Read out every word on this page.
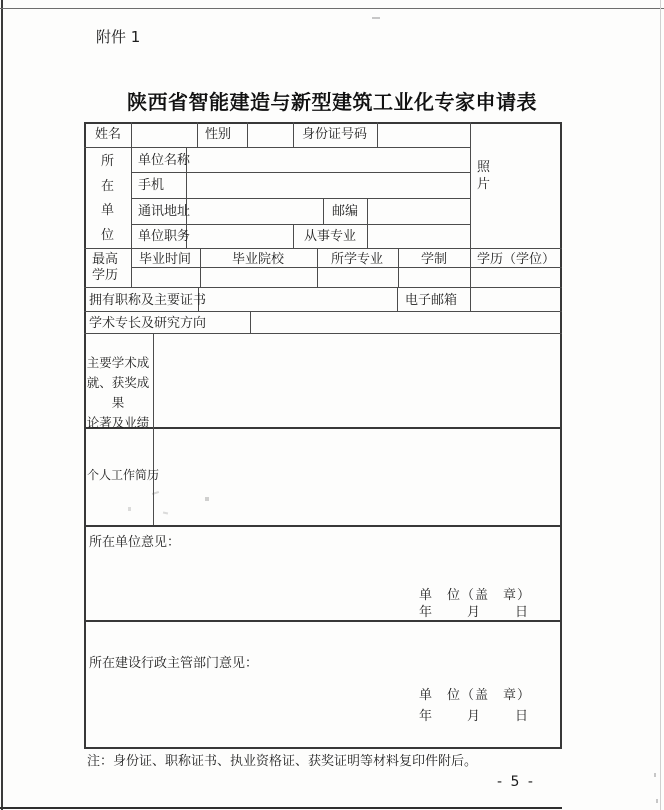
附件 1
陕西省智能建造与新型建筑工业化专家申请表
姓名	性别	身份证号码
照片
所在单位
单位名称
手机
通讯地址	邮编
单位职务	从事专业
最高学历
毕业时间	毕业院校	所学专业	学制 学历（学位）
拥有职称及主要证书	电子邮箱
学术专长及研究方向
主要学术成
就、获奖成果
论著及业绩
个人工作简历
所在单位意见：
单　位（盖　章）
年　　月　　日
所在建设行政主管部门意见：
单　位（盖　章）
年　　月　　日
注：身份证、职称证书、执业资格证、获奖证明等材料复印件附后。
- 5 -
